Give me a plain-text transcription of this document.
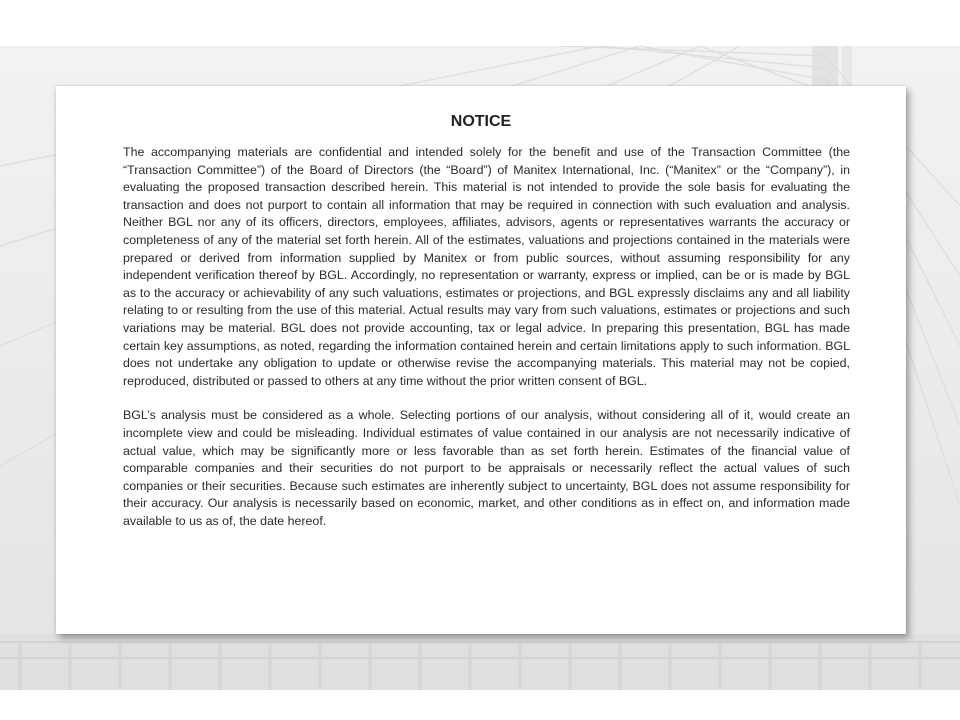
NOTICE

The accompanying materials are confidential and intended solely for the benefit and use of the Transaction Committee (the “Transaction Committee”) of the Board of Directors (the “Board”) of Manitex International, Inc. (“Manitex” or the “Company”), in evaluating the proposed transaction described herein. This material is not intended to provide the sole basis for evaluating the transaction and does not purport to contain all information that may be required in connection with such evaluation and analysis. Neither BGL nor any of its officers, directors, employees, affiliates, advisors, agents or representatives warrants the accuracy or completeness of any of the material set forth herein. All of the estimates, valuations and projections contained in the materials were prepared or derived from information supplied by Manitex or from public sources, without assuming responsibility for any independent verification thereof by BGL. Accordingly, no representation or warranty, express or implied, can be or is made by BGL as to the accuracy or achievability of any such valuations, estimates or projections, and BGL expressly disclaims any and all liability relating to or resulting from the use of this material. Actual results may vary from such valuations, estimates or projections and such variations may be material. BGL does not provide accounting, tax or legal advice. In preparing this presentation, BGL has made certain key assumptions, as noted, regarding the information contained herein and certain limitations apply to such information. BGL does not undertake any obligation to update or otherwise revise the accompanying materials. This material may not be copied, reproduced, distributed or passed to others at any time without the prior written consent of BGL.

BGL’s analysis must be considered as a whole. Selecting portions of our analysis, without considering all of it, would create an incomplete view and could be misleading. Individual estimates of value contained in our analysis are not necessarily indicative of actual value, which may be significantly more or less favorable than as set forth herein. Estimates of the financial value of comparable companies and their securities do not purport to be appraisals or necessarily reflect the actual values of such companies or their securities. Because such estimates are inherently subject to uncertainty, BGL does not assume responsibility for their accuracy. Our analysis is necessarily based on economic, market, and other conditions as in effect on, and information made available to us as of, the date hereof.
